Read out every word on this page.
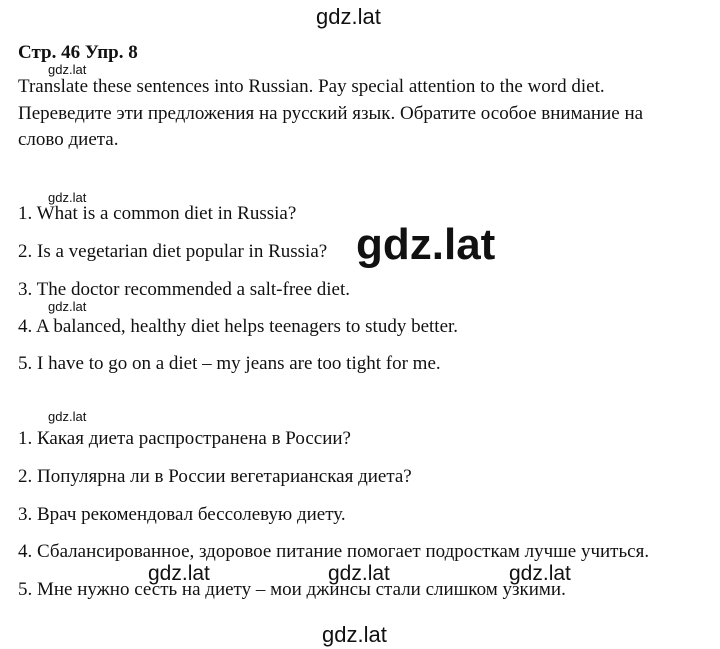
gdz.lat
gdz.lat
gdz.lat
gdz.lat
gdz.lat
gdz.lat
gdz.lat	gdz.lat	gdz.lat
gdz.lat
Стр. 46 Упр. 8
Translate these sentences into Russian. Pay special attention to the word diet.
Переведите эти предложения на русский язык. Обратите особое внимание на
слово диета.
1. What is a common diet in Russia?
2. Is a vegetarian diet popular in Russia?
3. The doctor recommended a salt-free diet.
4. A balanced, healthy diet helps teenagers to study better.
5. I have to go on a diet – my jeans are too tight for me.
1. Какая диета распространена в России?
2. Популярна ли в России вегетарианская диета?
3. Врач рекомендовал бессолевую диету.
4. Сбалансированное, здоровое питание помогает подросткам лучше учиться.
5. Мне нужно сесть на диету – мои джинсы стали слишком узкими.
